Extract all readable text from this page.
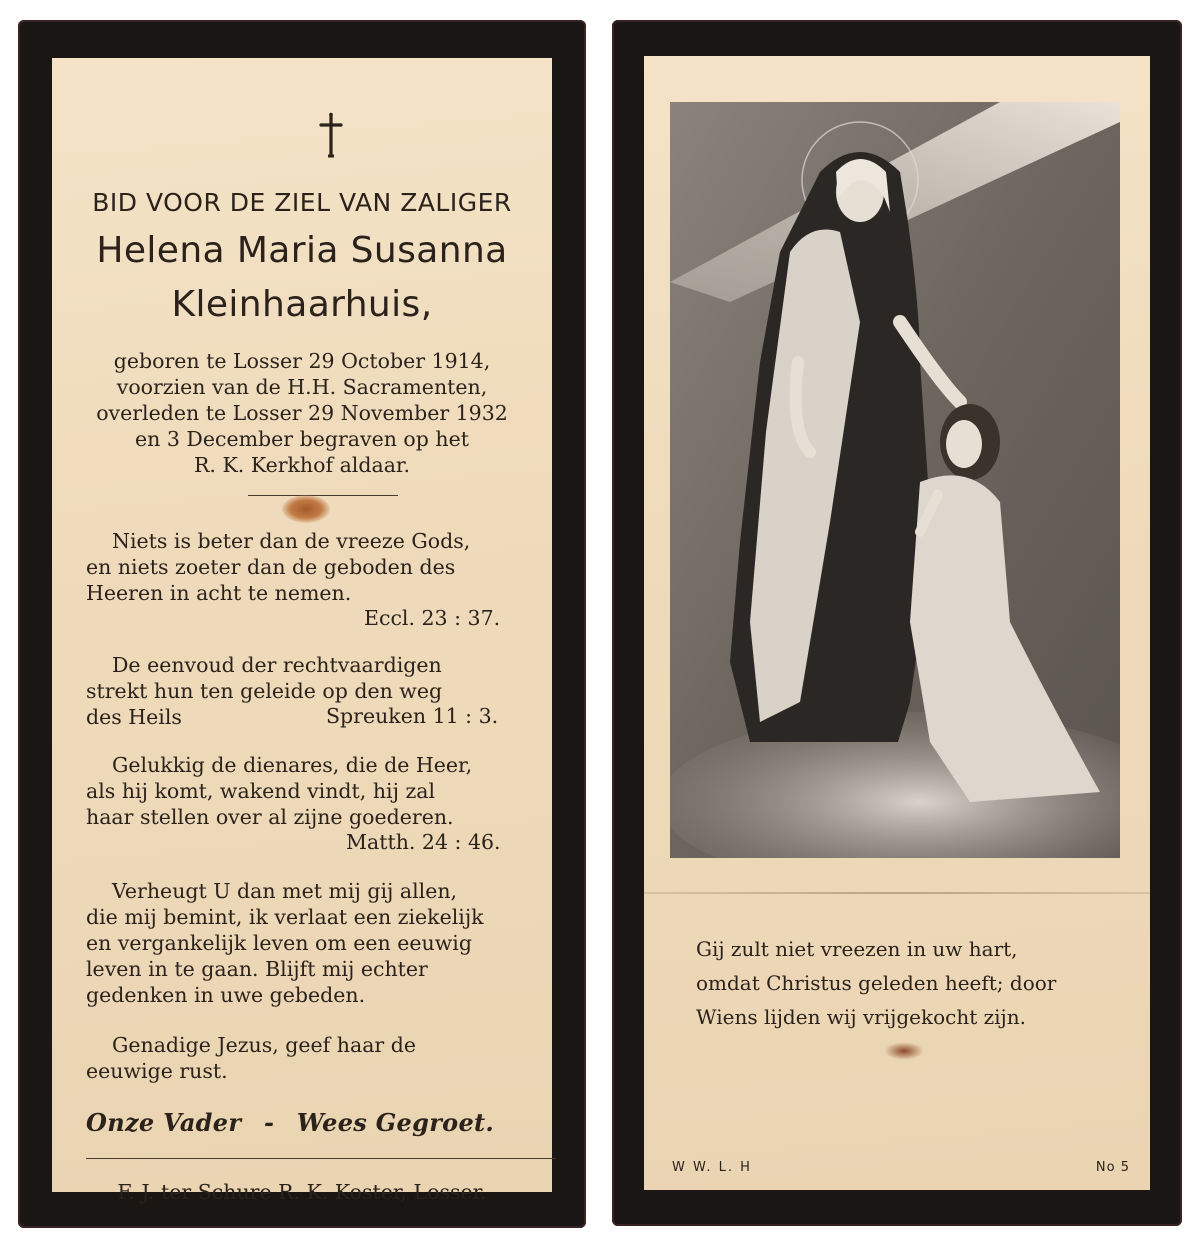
BID VOOR DE ZIEL VAN ZALIGER
Helena Maria Susanna
Kleinhaarhuis,
geboren te Losser 29 October 1914,
voorzien van de H.H. Sacramenten,
overleden te Losser 29 November 1932
en 3 December begraven op het
R. K. Kerkhof aldaar.
Niets is beter dan de vreeze Gods,
en niets zoeter dan de geboden des
Heeren in acht te nemen.
Eccl. 23 : 37.
De eenvoud der rechtvaardigen
strekt hun ten geleide op den weg
des Heils	Spreuken 11 : 3.
Gelukkig de dienares, die de Heer,
als hij komt, wakend vindt, hij zal
haar stellen over al zijne goederen.
Matth. 24 : 46.
Verheugt U dan met mij gij allen,
die mij bemint, ik verlaat een ziekelijk
en vergankelijk leven om een eeuwig
leven in te gaan. Blijft mij echter
gedenken in uwe gebeden.
Genadige Jezus, geef haar de
eeuwige rust.
Onze Vader - Wees Gegroet.
F. J. ter Schure R. K. Koster, Losser.
Gij zult niet vreezen in uw hart,
omdat Christus geleden heeft; door
Wiens lijden wij vrijgekocht zijn.
W W. L. H	No 5
